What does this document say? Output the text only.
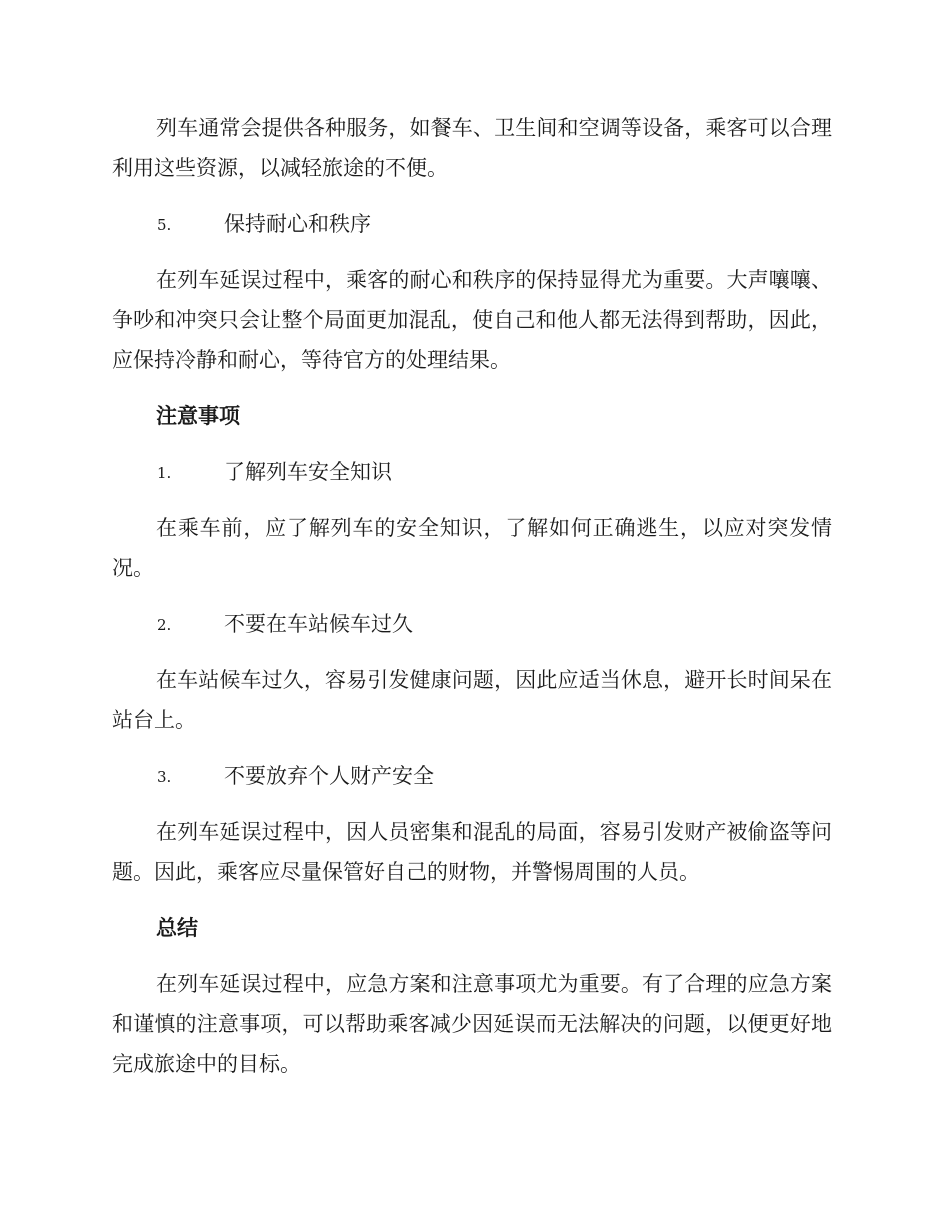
列车通常会提供各种服务，如餐车、卫生间和空调等设备，乘客可以合理利用这些资源，以减轻旅途的不便。

5.	保持耐心和秩序

在列车延误过程中，乘客的耐心和秩序的保持显得尤为重要。大声嚷嚷、争吵和冲突只会让整个局面更加混乱，使自己和他人都无法得到帮助，因此，应保持冷静和耐心，等待官方的处理结果。

注意事项
1.	了解列车安全知识

在乘车前，应了解列车的安全知识，了解如何正确逃生，以应对突发情况。

2.	不要在车站候车过久

在车站候车过久，容易引发健康问题，因此应适当休息，避开长时间呆在站台上。

3.	不要放弃个人财产安全

在列车延误过程中，因人员密集和混乱的局面，容易引发财产被偷盗等问题。因此，乘客应尽量保管好自己的财物，并警惕周围的人员。

总结

在列车延误过程中，应急方案和注意事项尤为重要。有了合理的应急方案和谨慎的注意事项，可以帮助乘客减少因延误而无法解决的问题，以便更好地完成旅途中的目标。
